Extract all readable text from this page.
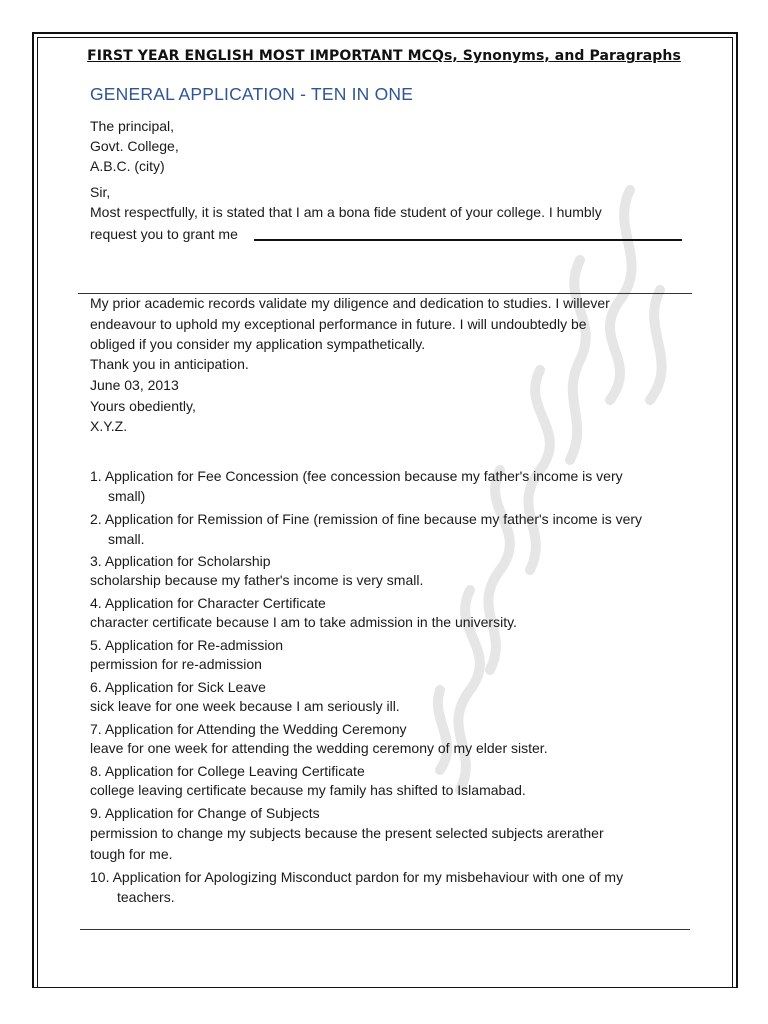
FIRST YEAR ENGLISH MOST IMPORTANT MCQs, Synonyms, and Paragraphs
GENERAL APPLICATION - TEN IN ONE
The principal,
Govt. College,
A.B.C. (city)
Sir,
Most respectfully, it is stated that I am a bona fide student of your college. I humbly
request you to grant me
My prior academic records validate my diligence and dedication to studies. I willever
endeavour to uphold my exceptional performance in future. I will undoubtedly be
obliged if you consider my application sympathetically.
Thank you in anticipation.
June 03, 2013
Yours obediently,
X.Y.Z.
1. Application for Fee Concession (fee concession because my father's income is very
small)
2. Application for Remission of Fine (remission of fine because my father's income is very
small.
3. Application for Scholarship
scholarship because my father's income is very small.
4. Application for Character Certificate
character certificate because I am to take admission in the university.
5. Application for Re-admission
permission for re-admission
6. Application for Sick Leave
sick leave for one week because I am seriously ill.
7. Application for Attending the Wedding Ceremony
leave for one week for attending the wedding ceremony of my elder sister.
8. Application for College Leaving Certificate
college leaving certificate because my family has shifted to Islamabad.
9. Application for Change of Subjects
permission to change my subjects because the present selected subjects arerather
tough for me.
10. Application for Apologizing Misconduct pardon for my misbehaviour with one of my
teachers.
